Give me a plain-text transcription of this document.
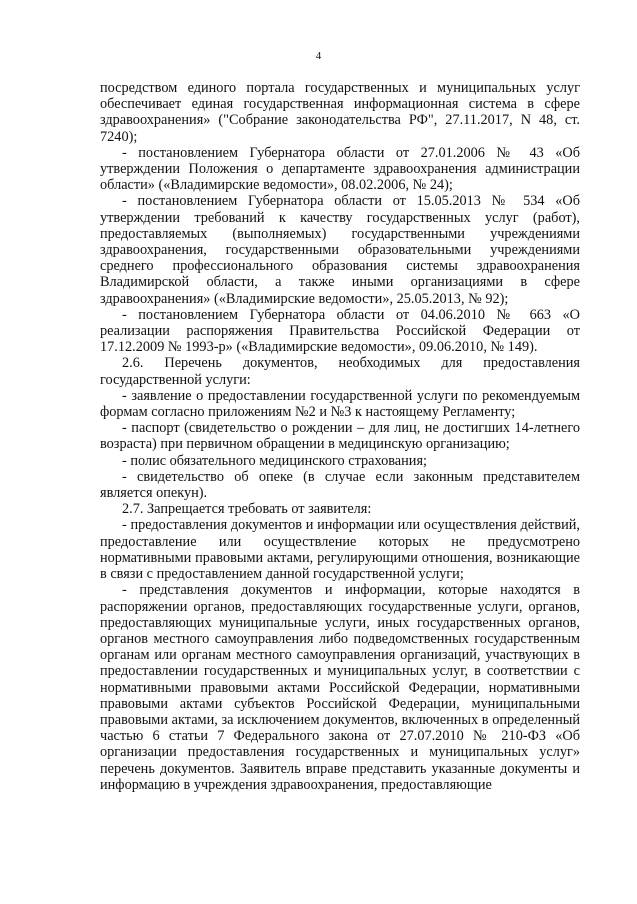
4

посредством единого портала государственных и муниципальных услуг обеспечивает единая государственная информационная система в сфере здравоохранения» ("Собрание законодательства РФ", 27.11.2017, N 48, ст. 7240);

- постановлением Губернатора области от 27.01.2006 № 43 «Об утверждении Положения о департаменте здравоохранения администрации области» («Владимирские ведомости», 08.02.2006, № 24);

- постановлением Губернатора области от 15.05.2013 № 534 «Об утверждении требований к качеству государственных услуг (работ), предоставляемых (выполняемых) государственными учреждениями здравоохранения, государственными образовательными учреждениями среднего профессионального образования системы здравоохранения Владимирской области, а также иными организациями в сфере здравоохранения» («Владимирские ведомости», 25.05.2013, № 92);

- постановлением Губернатора области от 04.06.2010 № 663 «О реализации распоряжения Правительства Российской Федерации от 17.12.2009 № 1993-р» («Владимирские ведомости», 09.06.2010, № 149).

2.6. Перечень документов, необходимых для предоставления государственной услуги:

- заявление о предоставлении государственной услуги по рекомендуемым формам согласно приложениям №2 и №3 к настоящему Регламенту;

- паспорт (свидетельство о рождении – для лиц, не достигших 14-летнего возраста) при первичном обращении в медицинскую организацию;

- полис обязательного медицинского страхования;

- свидетельство об опеке (в случае если законным представителем является опекун).

2.7. Запрещается требовать от заявителя:

- предоставления документов и информации или осуществления действий, предоставление или осуществление которых не предусмотрено нормативными правовыми актами, регулирующими отношения, возникающие в связи с предоставлением данной государственной услуги;

- представления документов и информации, которые находятся в распоряжении органов, предоставляющих государственные услуги, органов, предоставляющих муниципальные услуги, иных государственных органов, органов местного самоуправления либо подведомственных государственным органам или органам местного самоуправления организаций, участвующих в предоставлении государственных и муниципальных услуг, в соответствии с нормативными правовыми актами Российской Федерации, нормативными правовыми актами субъектов Российской Федерации, муниципальными правовыми актами, за исключением документов, включенных в определенный частью 6 статьи 7 Федерального закона от 27.07.2010 № 210-ФЗ «Об организации предоставления государственных и муниципальных услуг» перечень документов. Заявитель вправе представить указанные документы и информацию в учреждения здравоохранения, предоставляющие
